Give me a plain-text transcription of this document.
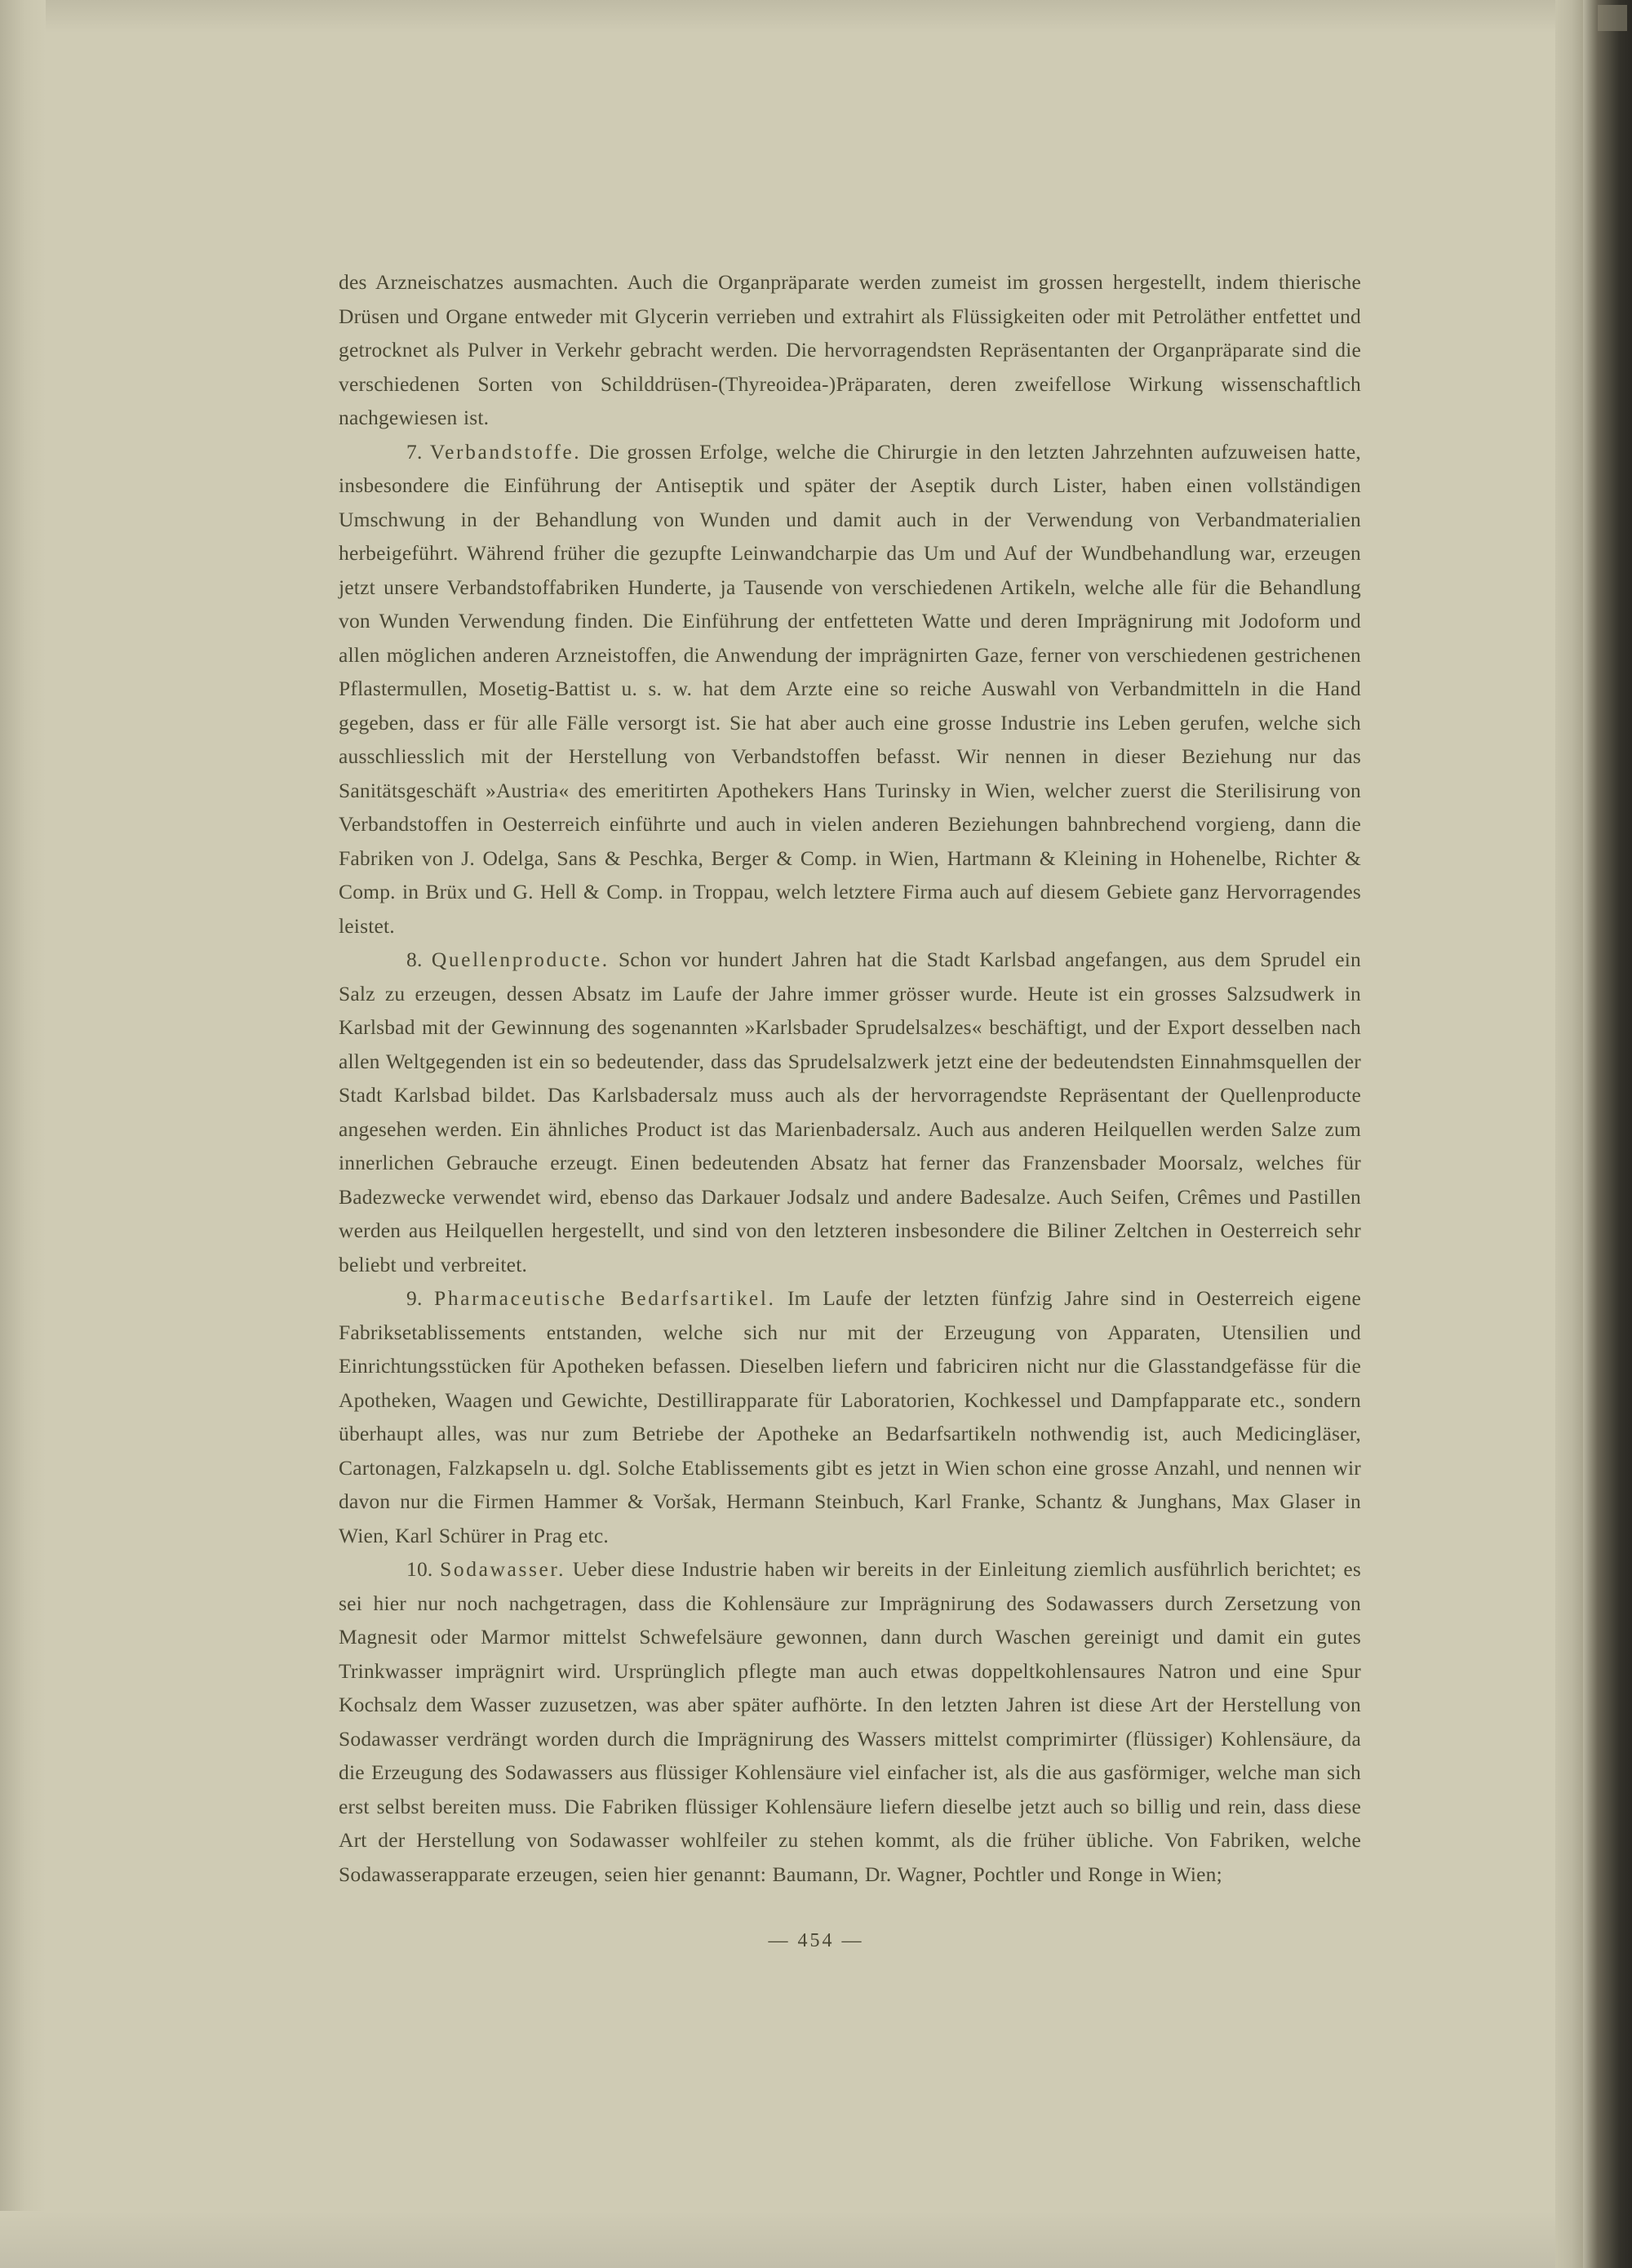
des Arzneischatzes ausmachten. Auch die Organpräparate werden zumeist im grossen hergestellt, indem thierische Drüsen und Organe entweder mit Glycerin verrieben und extrahirt als Flüssigkeiten oder mit Petroläther entfettet und getrocknet als Pulver in Verkehr gebracht werden. Die hervorragendsten Repräsentanten der Organpräparate sind die verschiedenen Sorten von Schilddrüsen-(Thyreoidea-)Präparaten, deren zweifellose Wirkung wissenschaftlich nachgewiesen ist.

7. Verbandstoffe. Die grossen Erfolge, welche die Chirurgie in den letzten Jahrzehnten aufzuweisen hatte, insbesondere die Einführung der Antiseptik und später der Aseptik durch Lister, haben einen vollständigen Umschwung in der Behandlung von Wunden und damit auch in der Verwendung von Verbandmaterialien herbeigeführt. Während früher die gezupfte Leinwandcharpie das Um und Auf der Wundbehandlung war, erzeugen jetzt unsere Verbandstoffabriken Hunderte, ja Tausende von verschiedenen Artikeln, welche alle für die Behandlung von Wunden Verwendung finden. Die Einführung der entfetteten Watte und deren Imprägnirung mit Jodoform und allen möglichen anderen Arzneistoffen, die Anwendung der imprägnirten Gaze, ferner von verschiedenen gestrichenen Pflastermullen, Mosetig-Battist u. s. w. hat dem Arzte eine so reiche Auswahl von Verbandmitteln in die Hand gegeben, dass er für alle Fälle versorgt ist. Sie hat aber auch eine grosse Industrie ins Leben gerufen, welche sich ausschliesslich mit der Herstellung von Verbandstoffen befasst. Wir nennen in dieser Beziehung nur das Sanitätsgeschäft »Austria« des emeritirten Apothekers Hans Turinsky in Wien, welcher zuerst die Sterilisirung von Verbandstoffen in Oesterreich einführte und auch in vielen anderen Beziehungen bahnbrechend vorgieng, dann die Fabriken von J. Odelga, Sans & Peschka, Berger & Comp. in Wien, Hartmann & Kleining in Hohenelbe, Richter & Comp. in Brüx und G. Hell & Comp. in Troppau, welch letztere Firma auch auf diesem Gebiete ganz Hervorragendes leistet.

8. Quellenproducte. Schon vor hundert Jahren hat die Stadt Karlsbad angefangen, aus dem Sprudel ein Salz zu erzeugen, dessen Absatz im Laufe der Jahre immer grösser wurde. Heute ist ein grosses Salzsudwerk in Karlsbad mit der Gewinnung des sogenannten »Karlsbader Sprudelsalzes« beschäftigt, und der Export desselben nach allen Weltgegenden ist ein so bedeutender, dass das Sprudelsalzwerk jetzt eine der bedeutendsten Einnahmsquellen der Stadt Karlsbad bildet. Das Karlsbadersalz muss auch als der hervorragendste Repräsentant der Quellenproducte angesehen werden. Ein ähnliches Product ist das Marienbadersalz. Auch aus anderen Heilquellen werden Salze zum innerlichen Gebrauche erzeugt. Einen bedeutenden Absatz hat ferner das Franzensbader Moorsalz, welches für Badezwecke verwendet wird, ebenso das Darkauer Jodsalz und andere Badesalze. Auch Seifen, Crêmes und Pastillen werden aus Heilquellen hergestellt, und sind von den letzteren insbesondere die Biliner Zeltchen in Oesterreich sehr beliebt und verbreitet.

9. Pharmaceutische Bedarfsartikel. Im Laufe der letzten fünfzig Jahre sind in Oesterreich eigene Fabriksetablissements entstanden, welche sich nur mit der Erzeugung von Apparaten, Utensilien und Einrichtungsstücken für Apotheken befassen. Dieselben liefern und fabriciren nicht nur die Glasstandgefässe für die Apotheken, Waagen und Gewichte, Destillirapparate für Laboratorien, Kochkessel und Dampfapparate etc., sondern überhaupt alles, was nur zum Betriebe der Apotheke an Bedarfsartikeln nothwendig ist, auch Medicingläser, Cartonagen, Falzkapseln u. dgl. Solche Etablissements gibt es jetzt in Wien schon eine grosse Anzahl, und nennen wir davon nur die Firmen Hammer & Voršak, Hermann Steinbuch, Karl Franke, Schantz & Junghans, Max Glaser in Wien, Karl Schürer in Prag etc.

10. Sodawasser. Ueber diese Industrie haben wir bereits in der Einleitung ziemlich ausführlich berichtet; es sei hier nur noch nachgetragen, dass die Kohlensäure zur Imprägnirung des Sodawassers durch Zersetzung von Magnesit oder Marmor mittelst Schwefelsäure gewonnen, dann durch Waschen gereinigt und damit ein gutes Trinkwasser imprägnirt wird. Ursprünglich pflegte man auch etwas doppeltkohlensaures Natron und eine Spur Kochsalz dem Wasser zuzusetzen, was aber später aufhörte. In den letzten Jahren ist diese Art der Herstellung von Sodawasser verdrängt worden durch die Imprägnirung des Wassers mittelst comprimirter (flüssiger) Kohlensäure, da die Erzeugung des Sodawassers aus flüssiger Kohlensäure viel einfacher ist, als die aus gasförmiger, welche man sich erst selbst bereiten muss. Die Fabriken flüssiger Kohlensäure liefern dieselbe jetzt auch so billig und rein, dass diese Art der Herstellung von Sodawasser wohlfeiler zu stehen kommt, als die früher übliche. Von Fabriken, welche Sodawasserapparate erzeugen, seien hier genannt: Baumann, Dr. Wagner, Pochtler und Ronge in Wien;

— 454 —
